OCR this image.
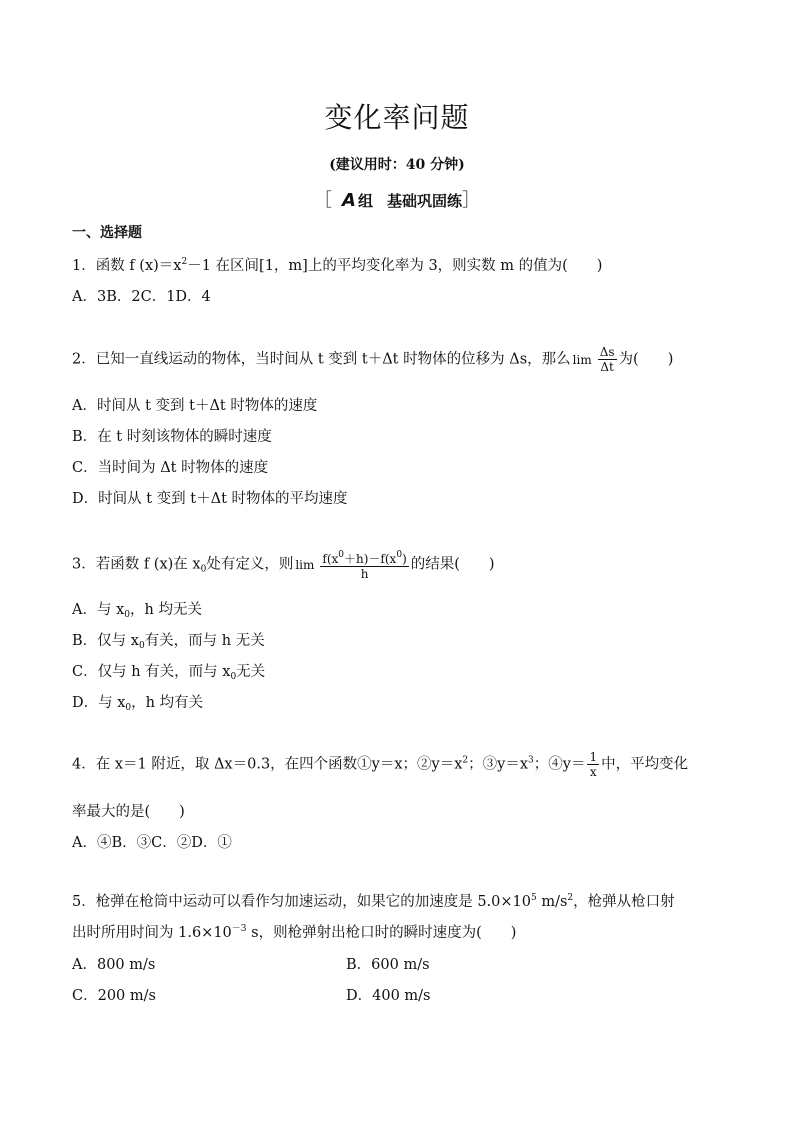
变化率问题
(建议用时：40 分钟)
［ A 组 基础巩固练］
一、选择题
1．函数 f $(x)=x^2-1$ 在区间[1，m]上的平均变化率为 3，则实数 m 的值为(　　)
A．3B．2C．1D．4
2．已知一直线运动的物体，当时间从 t 变到 t＋Δt 时物体的位移为 Δs，那么 $\lim \frac{\Delta s}{\Delta t}$ 为(　　)
A．时间从 t 变到 t＋Δt 时物体的速度
B．在 t 时刻该物体的瞬时速度
C．当时间为 Δt 时物体的速度
D．时间从 t 变到 t＋Δt 时物体的平均速度
3．若函数 f (x)在 $x_0$处有定义，则 $\lim \frac{f(x^0+h)-f(x^0)}{h}$ 的结果(　　)
A．与 $x_0$，h 均无关
B．仅与 $x_0$有关，而与 h 无关
C．仅与 h 有关，而与 $x_0$无关
D．与 $x_0$，h 均有关
4．在 x＝1 附近，取 Δx＝0.3，在四个函数①y＝x；$②y=x^2$；$③y=x^3$；④y＝ $\frac{1}{x}$ 中，平均变化
率最大的是(　　)
A．④B．③C．②D．①
5．枪弹在枪筒中运动可以看作匀加速运动，如果它的加速度是 $5.0\times 10^5$ $m/s^2$，枪弹从枪口射
出时所用时间为 $1.6\times 10^{-3}$ s，则枪弹射出枪口时的瞬时速度为(　　)
A．800 m/s	B．600 m/s
C．200 m/s	D．400 m/s
